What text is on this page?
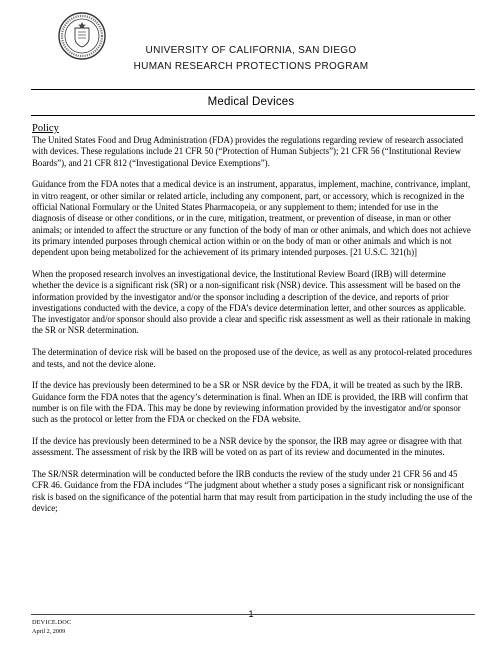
UNIVERSITY OF CALIFORNIA, SAN DIEGO
HUMAN RESEARCH PROTECTIONS PROGRAM
Medical Devices
Policy

The United States Food and Drug Administration (FDA) provides the regulations regarding review of research associated with devices. These regulations include 21 CFR 50 (“Protection of Human Subjects”); 21 CFR 56 (“Institutional Review Boards”), and 21 CFR 812 (“Investigational Device Exemptions”).

Guidance from the FDA notes that a medical device is an instrument, apparatus, implement, machine, contrivance, implant, in vitro reagent, or other similar or related article, including any component, part, or accessory, which is recognized in the official National Formulary or the United States Pharmacopeia, or any supplement to them; intended for use in the diagnosis of disease or other conditions, or in the cure, mitigation, treatment, or prevention of disease, in man or other animals; or intended to affect the structure or any function of the body of man or other animals, and which does not achieve its primary intended purposes through chemical action within or on the body of man or other animals and which is not dependent upon being metabolized for the achievement of its primary intended purposes. [21 U.S.C. 321(h)]

When the proposed research involves an investigational device, the Institutional Review Board (IRB) will determine whether the device is a significant risk (SR) or a non-significant risk (NSR) device. This assessment will be based on the information provided by the investigator and/or the sponsor including a description of the device, and reports of prior investigations conducted with the device, a copy of the FDA’s device determination letter, and other sources as applicable. The investigator and/or sponsor should also provide a clear and specific risk assessment as well as their rationale in making the SR or NSR determination.

The determination of device risk will be based on the proposed use of the device, as well as any protocol-related procedures and tests, and not the device alone.

If the device has previously been determined to be a SR or NSR device by the FDA, it will be treated as such by the IRB. Guidance form the FDA notes that the agency’s determination is final. When an IDE is provided, the IRB will confirm that number is on file with the FDA. This may be done by reviewing information provided by the investigator and/or sponsor such as the protocol or letter from the FDA or checked on the FDA website.

If the device has previously been determined to be a NSR device by the sponsor, the IRB may agree or disagree with that assessment. The assessment of risk by the IRB will be voted on as part of its review and documented in the minutes.

The SR/NSR determination will be conducted before the IRB conducts the review of the study under 21 CFR 56 and 45 CFR 46. Guidance from the FDA includes “The judgment about whether a study poses a significant risk or nonsignificant risk is based on the significance of the potential harm that may result from participation in the study including the use of the device;

1
DEVICE.DOC
April 2, 2009
